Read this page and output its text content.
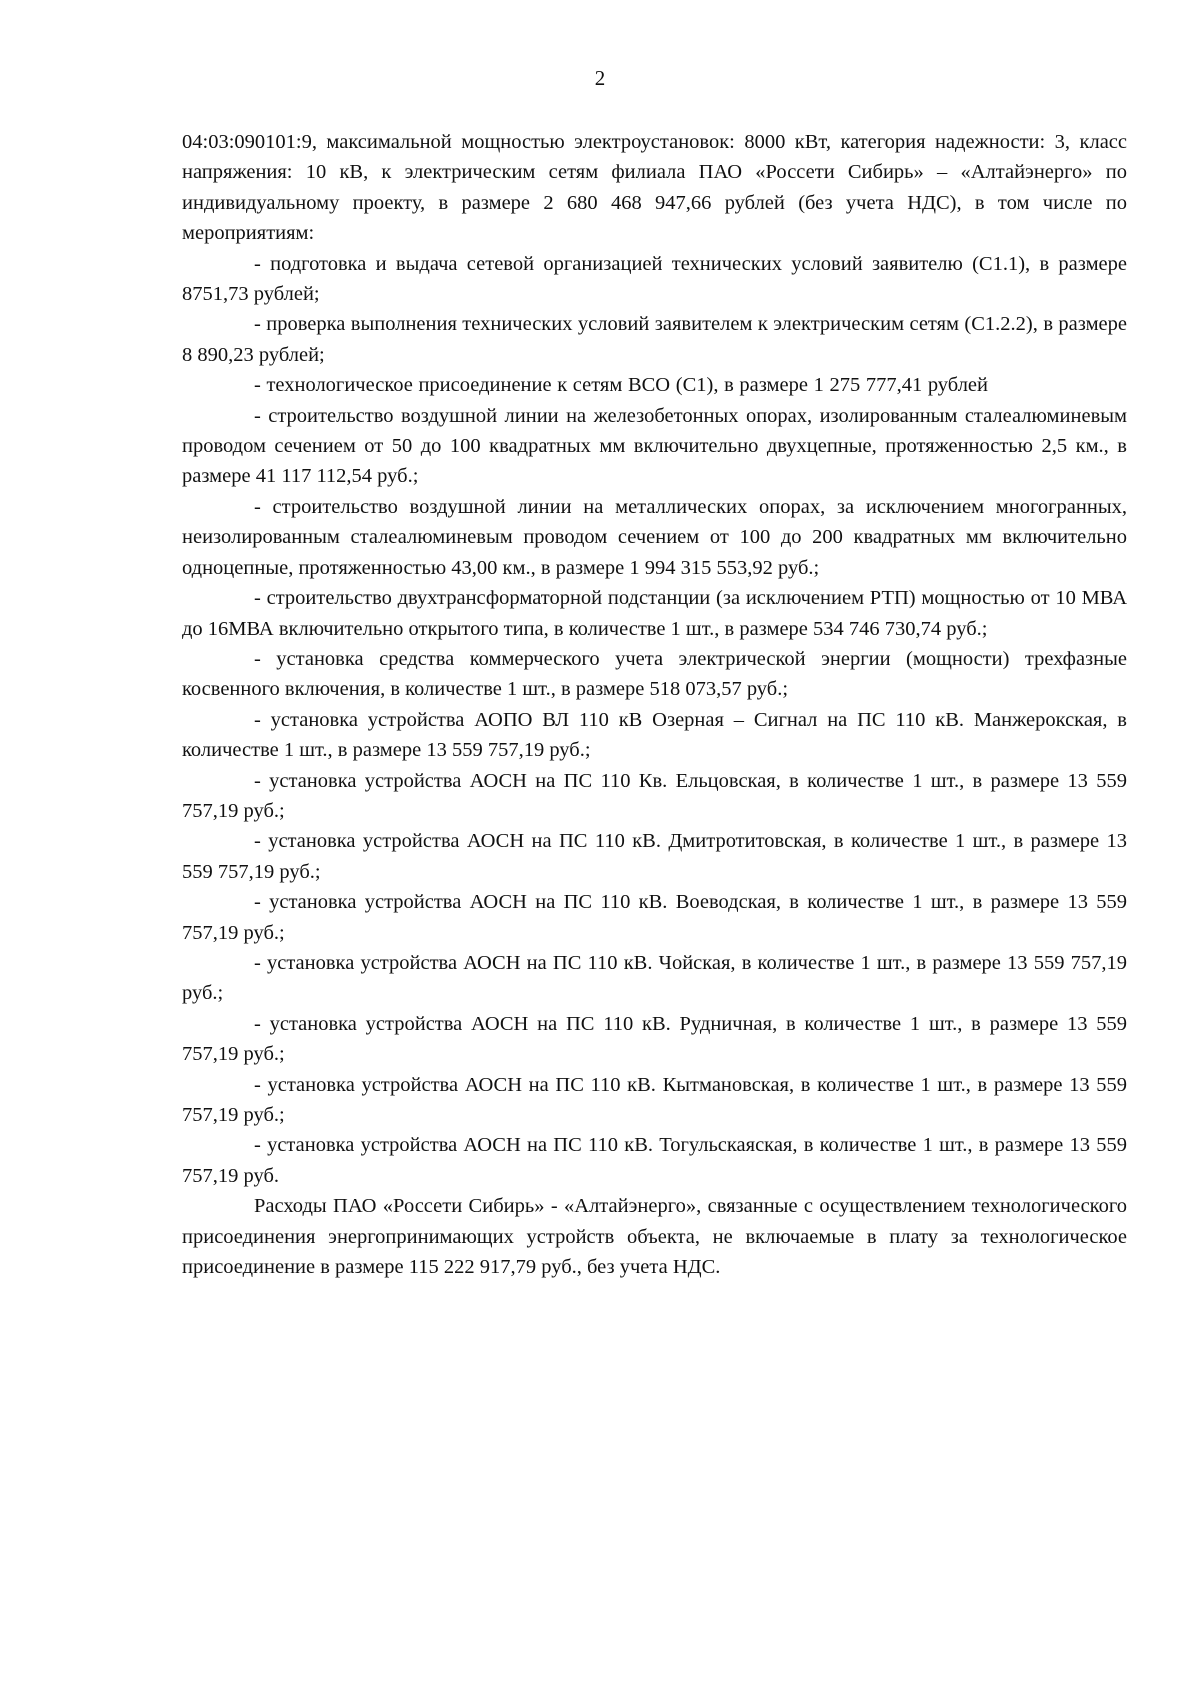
2

04:03:090101:9, максимальной мощностью электроустановок: 8000 кВт, категория надежности: 3, класс напряжения: 10 кВ, к электрическим сетям филиала ПАО «Россети Сибирь» – «Алтайэнерго» по индивидуальному проекту, в размере 2 680 468 947,66 рублей (без учета НДС), в том числе по мероприятиям:

- подготовка и выдача сетевой организацией технических условий заявителю (С1.1), в размере 8751,73 рублей;

- проверка выполнения технических условий заявителем к электрическим сетям (С1.2.2), в размере 8 890,23 рублей;

- технологическое присоединение к сетям ВСО (С1), в размере 1 275 777,41 рублей

- строительство воздушной линии на железобетонных опорах, изолированным сталеалюминевым проводом сечением от 50 до 100 квадратных мм включительно двухцепные, протяженностью 2,5 км., в размере 41 117 112,54 руб.;

- строительство воздушной линии на металлических опорах, за исключением многогранных, неизолированным сталеалюминевым проводом сечением от 100 до 200 квадратных мм включительно одноцепные, протяженностью 43,00 км., в размере 1 994 315 553,92 руб.;

- строительство двухтрансформаторной подстанции (за исключением РТП) мощностью от 10 МВА до 16МВА включительно открытого типа, в количестве 1 шт., в размере 534 746 730,74 руб.;

- установка средства коммерческого учета электрической энергии (мощности) трехфазные косвенного включения, в количестве 1 шт., в размере 518 073,57 руб.;

- установка устройства АОПО ВЛ 110 кВ Озерная – Сигнал на ПС 110 кВ. Манжерокская, в количестве 1 шт., в размере 13 559 757,19 руб.;

- установка устройства АОСН на ПС 110 Кв. Ельцовская, в количестве 1 шт., в размере 13 559 757,19 руб.;

- установка устройства АОСН на ПС 110 кВ. Дмитротитовская, в количестве 1 шт., в размере 13 559 757,19 руб.;

- установка устройства АОСН на ПС 110 кВ. Воеводская, в количестве 1 шт., в размере 13 559 757,19 руб.;

- установка устройства АОСН на ПС 110 кВ. Чойская, в количестве 1 шт., в размере 13 559 757,19 руб.;

- установка устройства АОСН на ПС 110 кВ. Рудничная, в количестве 1 шт., в размере 13 559 757,19 руб.;

- установка устройства АОСН на ПС 110 кВ. Кытмановская, в количестве 1 шт., в размере 13 559 757,19 руб.;

- установка устройства АОСН на ПС 110 кВ. Тогульскаяская, в количестве 1 шт., в размере 13 559 757,19 руб.

Расходы ПАО «Россети Сибирь» - «Алтайэнерго», связанные с осуществлением технологического присоединения энергопринимающих устройств объекта, не включаемые в плату за технологическое присоединение в размере 115 222 917,79 руб., без учета НДС.
